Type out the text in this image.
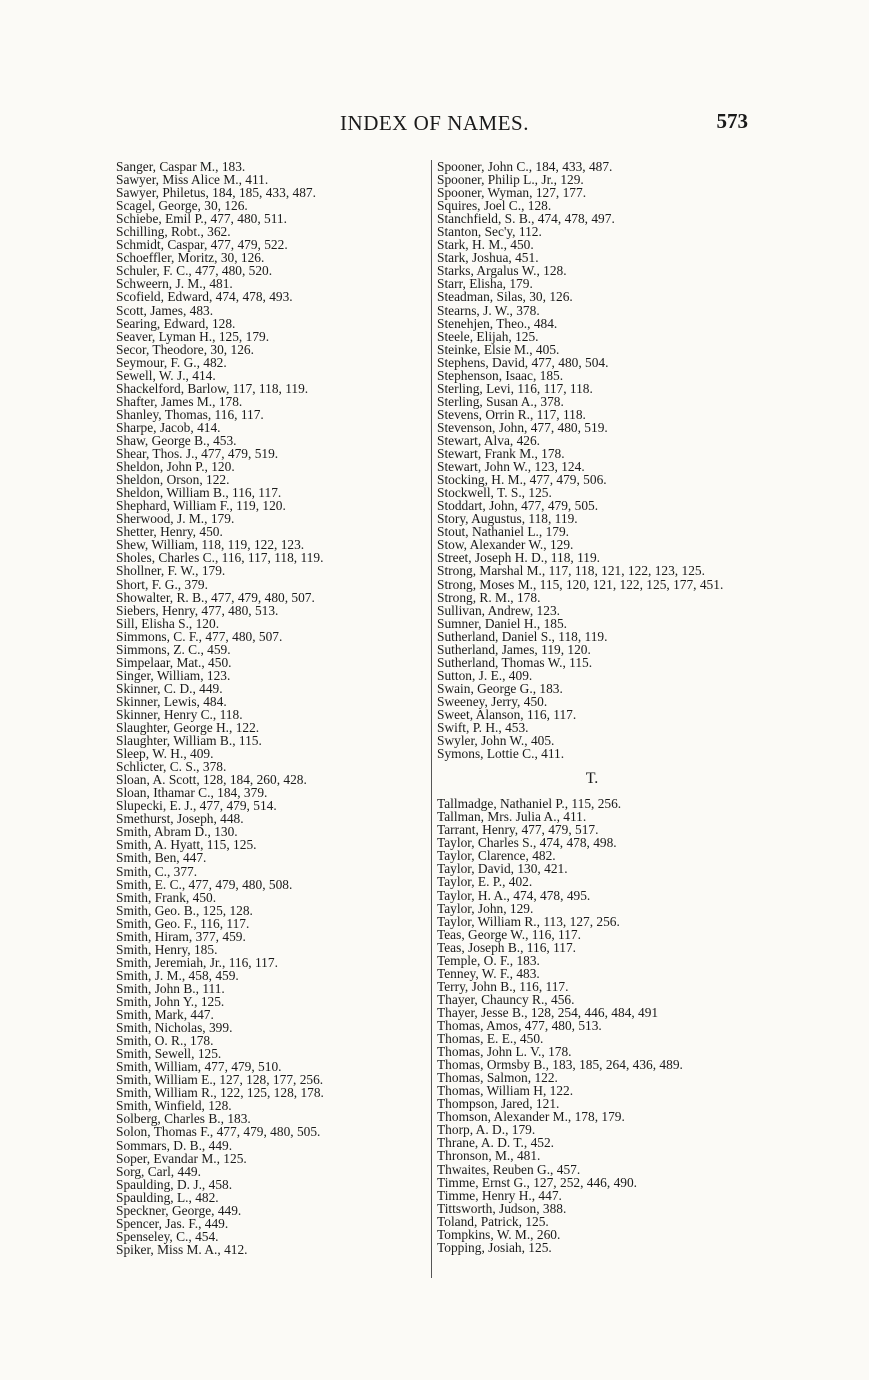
INDEX OF NAMES.	573
Sanger, Caspar M., 183.
Sawyer, Miss Alice M., 411.
Sawyer, Philetus, 184, 185, 433, 487.
Scagel, George, 30, 126.
Schiebe, Emil P., 477, 480, 511.
Schilling, Robt., 362.
Schmidt, Caspar, 477, 479, 522.
Schoeffler, Moritz, 30, 126.
Schuler, F. C., 477, 480, 520.
Schweern, J. M., 481.
Scofield, Edward, 474, 478, 493.
Scott, James, 483.
Searing, Edward, 128.
Seaver, Lyman H., 125, 179.
Secor, Theodore, 30, 126.
Seymour, F. G., 482.
Sewell, W. J., 414.
Shackelford, Barlow, 117, 118, 119.
Shafter, James M., 178.
Shanley, Thomas, 116, 117.
Sharpe, Jacob, 414.
Shaw, George B., 453.
Shear, Thos. J., 477, 479, 519.
Sheldon, John P., 120.
Sheldon, Orson, 122.
Sheldon, William B., 116, 117.
Shephard, William F., 119, 120.
Sherwood, J. M., 179.
Shetter, Henry, 450.
Shew, William, 118, 119, 122, 123.
Sholes, Charles C., 116, 117, 118, 119.
Shollner, F. W., 179.
Short, F. G., 379.
Showalter, R. B., 477, 479, 480, 507.
Siebers, Henry, 477, 480, 513.
Sill, Elisha S., 120.
Simmons, C. F., 477, 480, 507.
Simmons, Z. C., 459.
Simpelaar, Mat., 450.
Singer, William, 123.
Skinner, C. D., 449.
Skinner, Lewis, 484.
Skinner, Henry C., 118.
Slaughter, George H., 122.
Slaughter, William B., 115.
Sleep, W. H., 409.
Schlicter, C. S., 378.
Sloan, A. Scott, 128, 184, 260, 428.
Sloan, Ithamar C., 184, 379.
Slupecki, E. J., 477, 479, 514.
Smethurst, Joseph, 448.
Smith, Abram D., 130.
Smith, A. Hyatt, 115, 125.
Smith, Ben, 447.
Smith, C., 377.
Smith, E. C., 477, 479, 480, 508.
Smith, Frank, 450.
Smith, Geo. B., 125, 128.
Smith, Geo. F., 116, 117.
Smith, Hiram, 377, 459.
Smith, Henry, 185.
Smith, Jeremiah, Jr., 116, 117.
Smith, J. M., 458, 459.
Smith, John B., 111.
Smith, John Y., 125.
Smith, Mark, 447.
Smith, Nicholas, 399.
Smith, O. R., 178.
Smith, Sewell, 125.
Smith, William, 477, 479, 510.
Smith, William E., 127, 128, 177, 256.
Smith, William R., 122, 125, 128, 178.
Smith, Winfield, 128.
Solberg, Charles B., 183.
Solon, Thomas F., 477, 479, 480, 505.
Sommars, D. B., 449.
Soper, Evandar M., 125.
Sorg, Carl, 449.
Spaulding, D. J., 458.
Spaulding, L., 482.
Speckner, George, 449.
Spencer, Jas. F., 449.
Spenseley, C., 454.
Spiker, Miss M. A., 412.
Spooner, John C., 184, 433, 487.
Spooner, Philip L., Jr., 129.
Spooner, Wyman, 127, 177.
Squires, Joel C., 128.
Stanchfield, S. B., 474, 478, 497.
Stanton, Sec'y, 112.
Stark, H. M., 450.
Stark, Joshua, 451.
Starks, Argalus W., 128.
Starr, Elisha, 179.
Steadman, Silas, 30, 126.
Stearns, J. W., 378.
Stenehjen, Theo., 484.
Steele, Elijah, 125.
Steinke, Elsie M., 405.
Stephens, David, 477, 480, 504.
Stephenson, Isaac, 185.
Sterling, Levi, 116, 117, 118.
Sterling, Susan A., 378.
Stevens, Orrin R., 117, 118.
Stevenson, John, 477, 480, 519.
Stewart, Alva, 426.
Stewart, Frank M., 178.
Stewart, John W., 123, 124.
Stocking, H. M., 477, 479, 506.
Stockwell, T. S., 125.
Stoddart, John, 477, 479, 505.
Story, Augustus, 118, 119.
Stout, Nathaniel L., 179.
Stow, Alexander W., 129.
Street, Joseph H. D., 118, 119.
Strong, Marshal M., 117, 118, 121, 122, 123, 125.
Strong, Moses M., 115, 120, 121, 122, 125, 177, 451.
Strong, R. M., 178.
Sullivan, Andrew, 123.
Sumner, Daniel H., 185.
Sutherland, Daniel S., 118, 119.
Sutherland, James, 119, 120.
Sutherland, Thomas W., 115.
Sutton, J. E., 409.
Swain, George G., 183.
Sweeney, Jerry, 450.
Sweet, Alanson, 116, 117.
Swift, P. H., 453.
Swyler, John W., 405.
Symons, Lottie C., 411.
T.
Tallmadge, Nathaniel P., 115, 256.
Tallman, Mrs. Julia A., 411.
Tarrant, Henry, 477, 479, 517.
Taylor, Charles S., 474, 478, 498.
Taylor, Clarence, 482.
Taylor, David, 130, 421.
Taylor, E. P., 402.
Taylor, H. A., 474, 478, 495.
Taylor, John, 129.
Taylor, William R., 113, 127, 256.
Teas, George W., 116, 117.
Teas, Joseph B., 116, 117.
Temple, O. F., 183.
Tenney, W. F., 483.
Terry, John B., 116, 117.
Thayer, Chauncy R., 456.
Thayer, Jesse B., 128, 254, 446, 484, 491
Thomas, Amos, 477, 480, 513.
Thomas, E. E., 450.
Thomas, John L. V., 178.
Thomas, Ormsby B., 183, 185, 264, 436, 489.
Thomas, Salmon, 122.
Thomas, William H, 122.
Thompson, Jared, 121.
Thomson, Alexander M., 178, 179.
Thorp, A. D., 179.
Thrane, A. D. T., 452.
Thronson, M., 481.
Thwaites, Reuben G., 457.
Timme, Ernst G., 127, 252, 446, 490.
Timme, Henry H., 447.
Tittsworth, Judson, 388.
Toland, Patrick, 125.
Tompkins, W. M., 260.
Topping, Josiah, 125.
